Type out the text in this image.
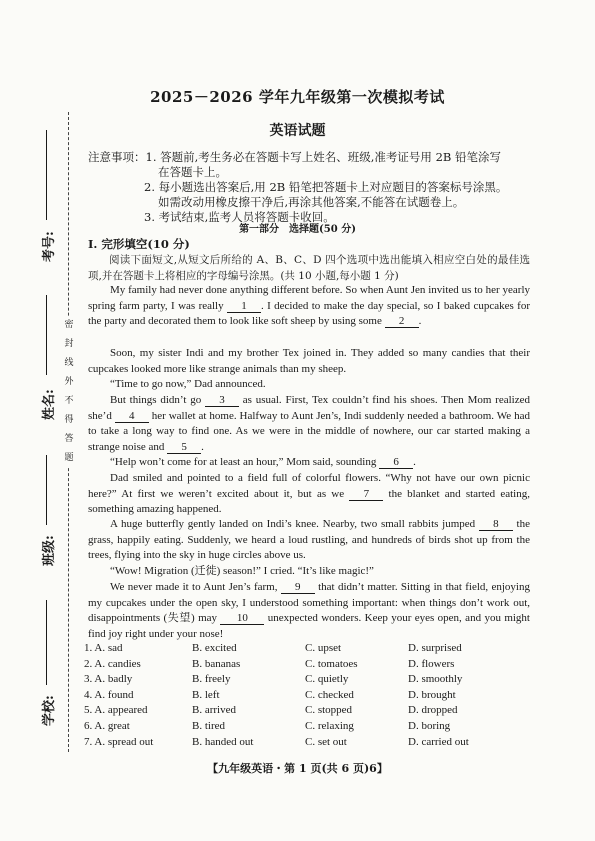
考号:
姓名:
班级:
学校:
密
封
线
外
不
得
答
题
2025－2026 学年九年级第一次模拟考试
英语试题
注意事项： 1. 答题前,考生务必在答题卡写上姓名、班级,准考证号用 2B 铅笔涂写
在答题卡上。
2. 每小题选出答案后,用 2B 铅笔把答题卡上对应题目的答案标号涂黑。
如需改动用橡皮擦干净后,再涂其他答案,不能答在试题卷上。
3. 考试结束,监考人员将答题卡收回。
第一部分　选择题(50 分)
I. 完形填空(10 分)
阅读下面短文,从短文后所给的 A、B、C、D 四个选项中选出能填入相应空白处的最佳选项,并在答题卡上将相应的字母编号涂黑。(共 10 小题,每小题 1 分)
My family had never done anything different before. So when Aunt Jen invited us to her yearly spring farm party, I was really 1 . I decided to make the day special, so I baked cupcakes for the party and decorated them to look like soft sheep by using some 2 .
Soon, my sister Indi and my brother Tex joined in. They added so many candies that their cupcakes looked more like strange animals than my sheep.
“Time to go now,” Dad announced.
But things didn’t go 3 as usual. First, Tex couldn’t find his shoes. Then Mom realized she’d 4 her wallet at home. Halfway to Aunt Jen’s, Indi suddenly needed a bathroom. We had to take a long way to find one. As we were in the middle of nowhere, our car started making a strange noise and 5 .
“Help won’t come for at least an hour,” Mom said, sounding 6 .
Dad smiled and pointed to a field full of colorful flowers. “Why not have our own picnic here?” At first we weren’t excited about it, but as we 7 the blanket and started eating, something amazing happened.
A huge butterfly gently landed on Indi’s knee. Nearby, two small rabbits jumped 8 the grass, happily eating. Suddenly, we heard a loud rustling, and hundreds of birds shot up from the trees, flying into the sky in huge circles above us.
“Wow! Migration (迁徙) season!” I cried. “It’s like magic!”
We never made it to Aunt Jen’s farm, 9 that didn’t matter. Sitting in that field, enjoying my cupcakes under the open sky, I understood something important: when things don’t work out, disappointments (失望) may 10 unexpected wonders. Keep your eyes open, and you might find joy right under your nose!
1. A. sad	B. excited	C. upset	D. surprised
2. A. candies	B. bananas	C. tomatoes	D. flowers
3. A. badly	B. freely	C. quietly	D. smoothly
4. A. found	B. left	C. checked	D. brought
5. A. appeared	B. arrived	C. stopped	D. dropped
6. A. great	B. tired	C. relaxing	D. boring
7. A. spread out	B. handed out	C. set out	D. carried out
【九年级英语・第 1 页(共 6 页)6】
